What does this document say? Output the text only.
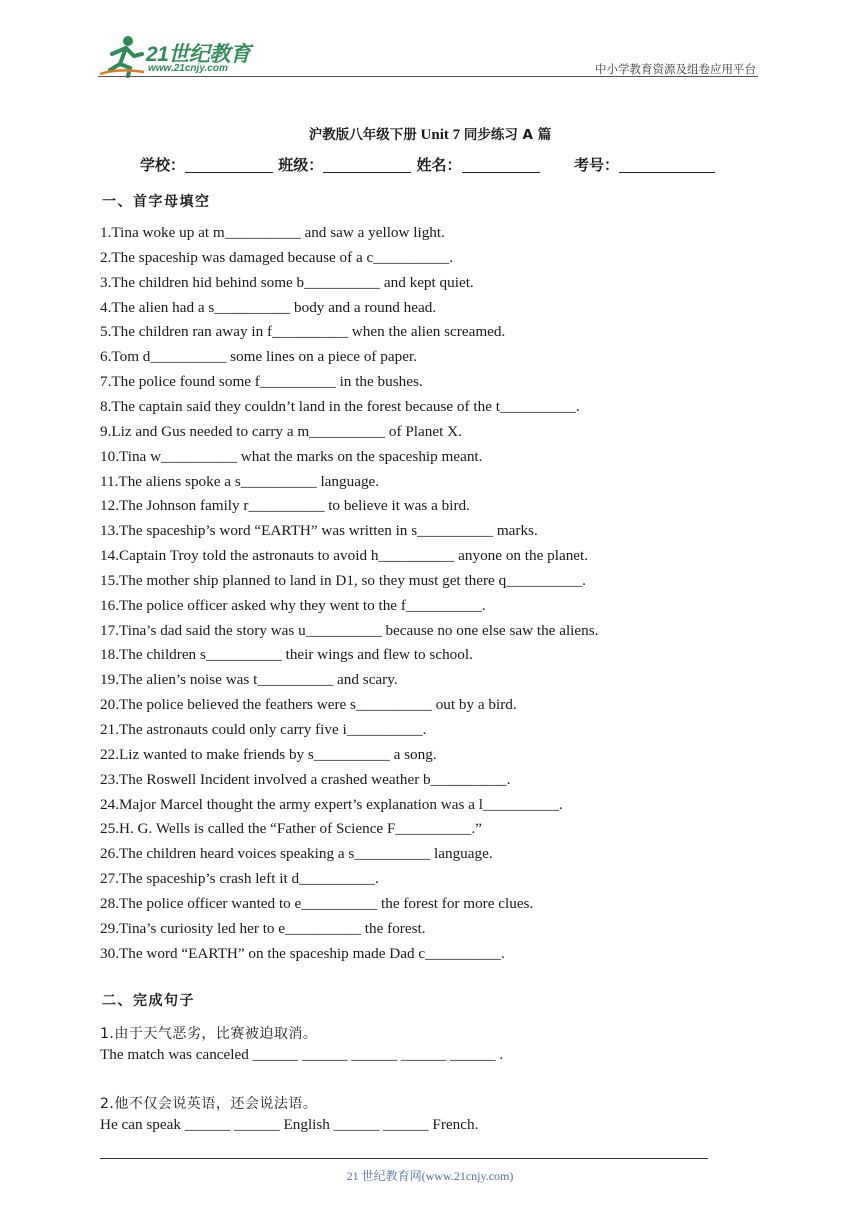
21世纪教育
www.21cnjy.com	中小学教育资源及组卷应用平台
沪教版八年级下册 Unit 7 同步练习 A 篇
学校：	班级：	姓名：	考号：
一、首字母填空
1.Tina woke up at m__________ and saw a yellow light.
2.The spaceship was damaged because of a c__________.
3.The children hid behind some b__________ and kept quiet.
4.The alien had a s__________ body and a round head.
5.The children ran away in f__________ when the alien screamed.
6.Tom d__________ some lines on a piece of paper.
7.The police found some f__________ in the bushes.
8.The captain said they couldn’t land in the forest because of the t__________.
9.Liz and Gus needed to carry a m__________ of Planet X.
10.Tina w__________ what the marks on the spaceship meant.
11.The aliens spoke a s__________ language.
12.The Johnson family r__________ to believe it was a bird.
13.The spaceship’s word “EARTH” was written in s__________ marks.
14.Captain Troy told the astronauts to avoid h__________ anyone on the planet.
15.The mother ship planned to land in D1, so they must get there q__________.
16.The police officer asked why they went to the f__________.
17.Tina’s dad said the story was u__________ because no one else saw the aliens.
18.The children s__________ their wings and flew to school.
19.The alien’s noise was t__________ and scary.
20.The police believed the feathers were s__________ out by a bird.
21.The astronauts could only carry five i__________.
22.Liz wanted to make friends by s__________ a song.
23.The Roswell Incident involved a crashed weather b__________.
24.Major Marcel thought the army expert’s explanation was a l__________.
25.H. G. Wells is called the “Father of Science F__________.”
26.The children heard voices speaking a s__________ language.
27.The spaceship’s crash left it d__________.
28.The police officer wanted to e__________ the forest for more clues.
29.Tina’s curiosity led her to e__________ the forest.
30.The word “EARTH” on the spaceship made Dad c__________.
二、完成句子
1.由于天气恶劣，比赛被迫取消。
The match was canceled ______ ______ ______ ______ ______ .
2.他不仅会说英语，还会说法语。
He can speak ______ ______ English ______ ______ French.
21 世纪教育网(www.21cnjy.com)
